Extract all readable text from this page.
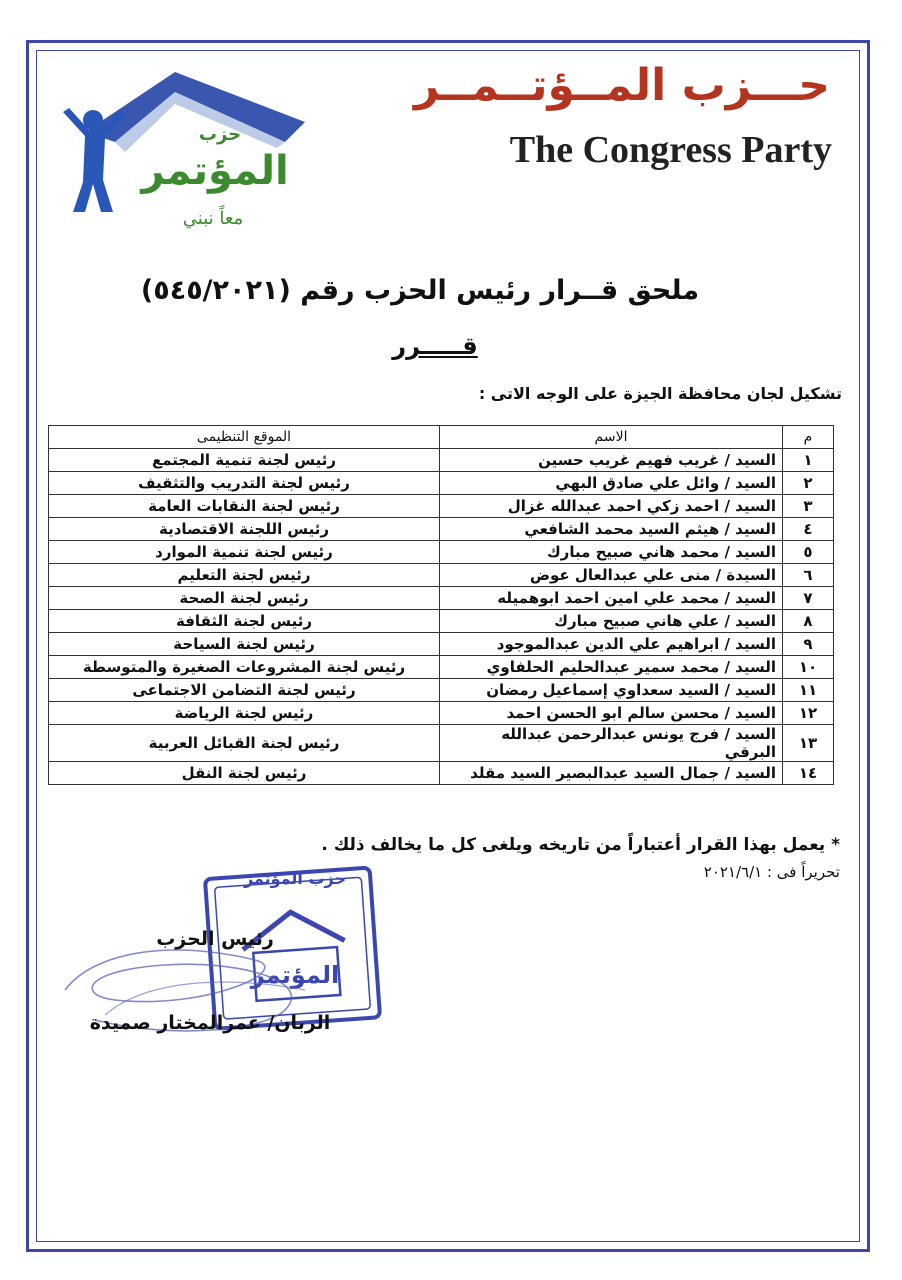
حزب
المؤتمر
معاً نبني
حـــزب المــؤتــمــر
The Congress Party
ملحق قــرار رئيس الحزب رقم (٥٤٥/٢٠٢١)
قـــــرر
تشكيل لجان محافظة الجيزة على الوجه الاتى :
م	الاسم	الموقع التنظيمى
١	السيد / غريب فهيم غريب حسين	رئيس لجنة تنمية المجتمع
٢	السيد / وائل علي صادق البهي	رئيس لجنة التدريب والتثقيف
٣	السيد / احمد زكي احمد عبدالله غزال	رئيس لجنة النقابات العامة
٤	السيد / هيثم السيد محمد الشافعي	رئيس اللجنة الاقتصادية
٥	السيد / محمد هاني صبيح مبارك	رئيس لجنة تنمية الموارد
٦	السيدة / منى علي عبدالعال عوض	رئيس لجنة التعليم
٧	السيد / محمد علي امين احمد ابوهميله	رئيس لجنة الصحة
٨	السيد / علي هاني صبيح مبارك	رئيس لجنة الثقافة
٩	السيد / ابراهيم علي الدين عبدالموجود	رئيس لجنة السياحة
١٠	السيد / محمد سمير عبدالحليم الحلفاوي	رئيس لجنة المشروعات الصغيرة والمتوسطة
١١	السيد / السيد سعداوي إسماعيل رمضان	رئيس لجنة التضامن الاجتماعى
١٢	السيد / محسن سالم ابو الحسن احمد	رئيس لجنة الرياضة
١٣	السيد / فرج يونس عبدالرحمن عبدالله البرقي	رئيس لجنة القبائل العربية
١٤	السيد / جمال السيد عبدالبصير السيد مقلد	رئيس لجنة النقل
* يعمل بهذا القرار أعتباراً من تاريخه ويلغى كل ما يخالف ذلك .
تحريراً فى : ٢٠٢١/٦/١
حزب المؤتمر
المؤتمر
رئيس الحزب
الربان/ عمرالمختار صميدة
